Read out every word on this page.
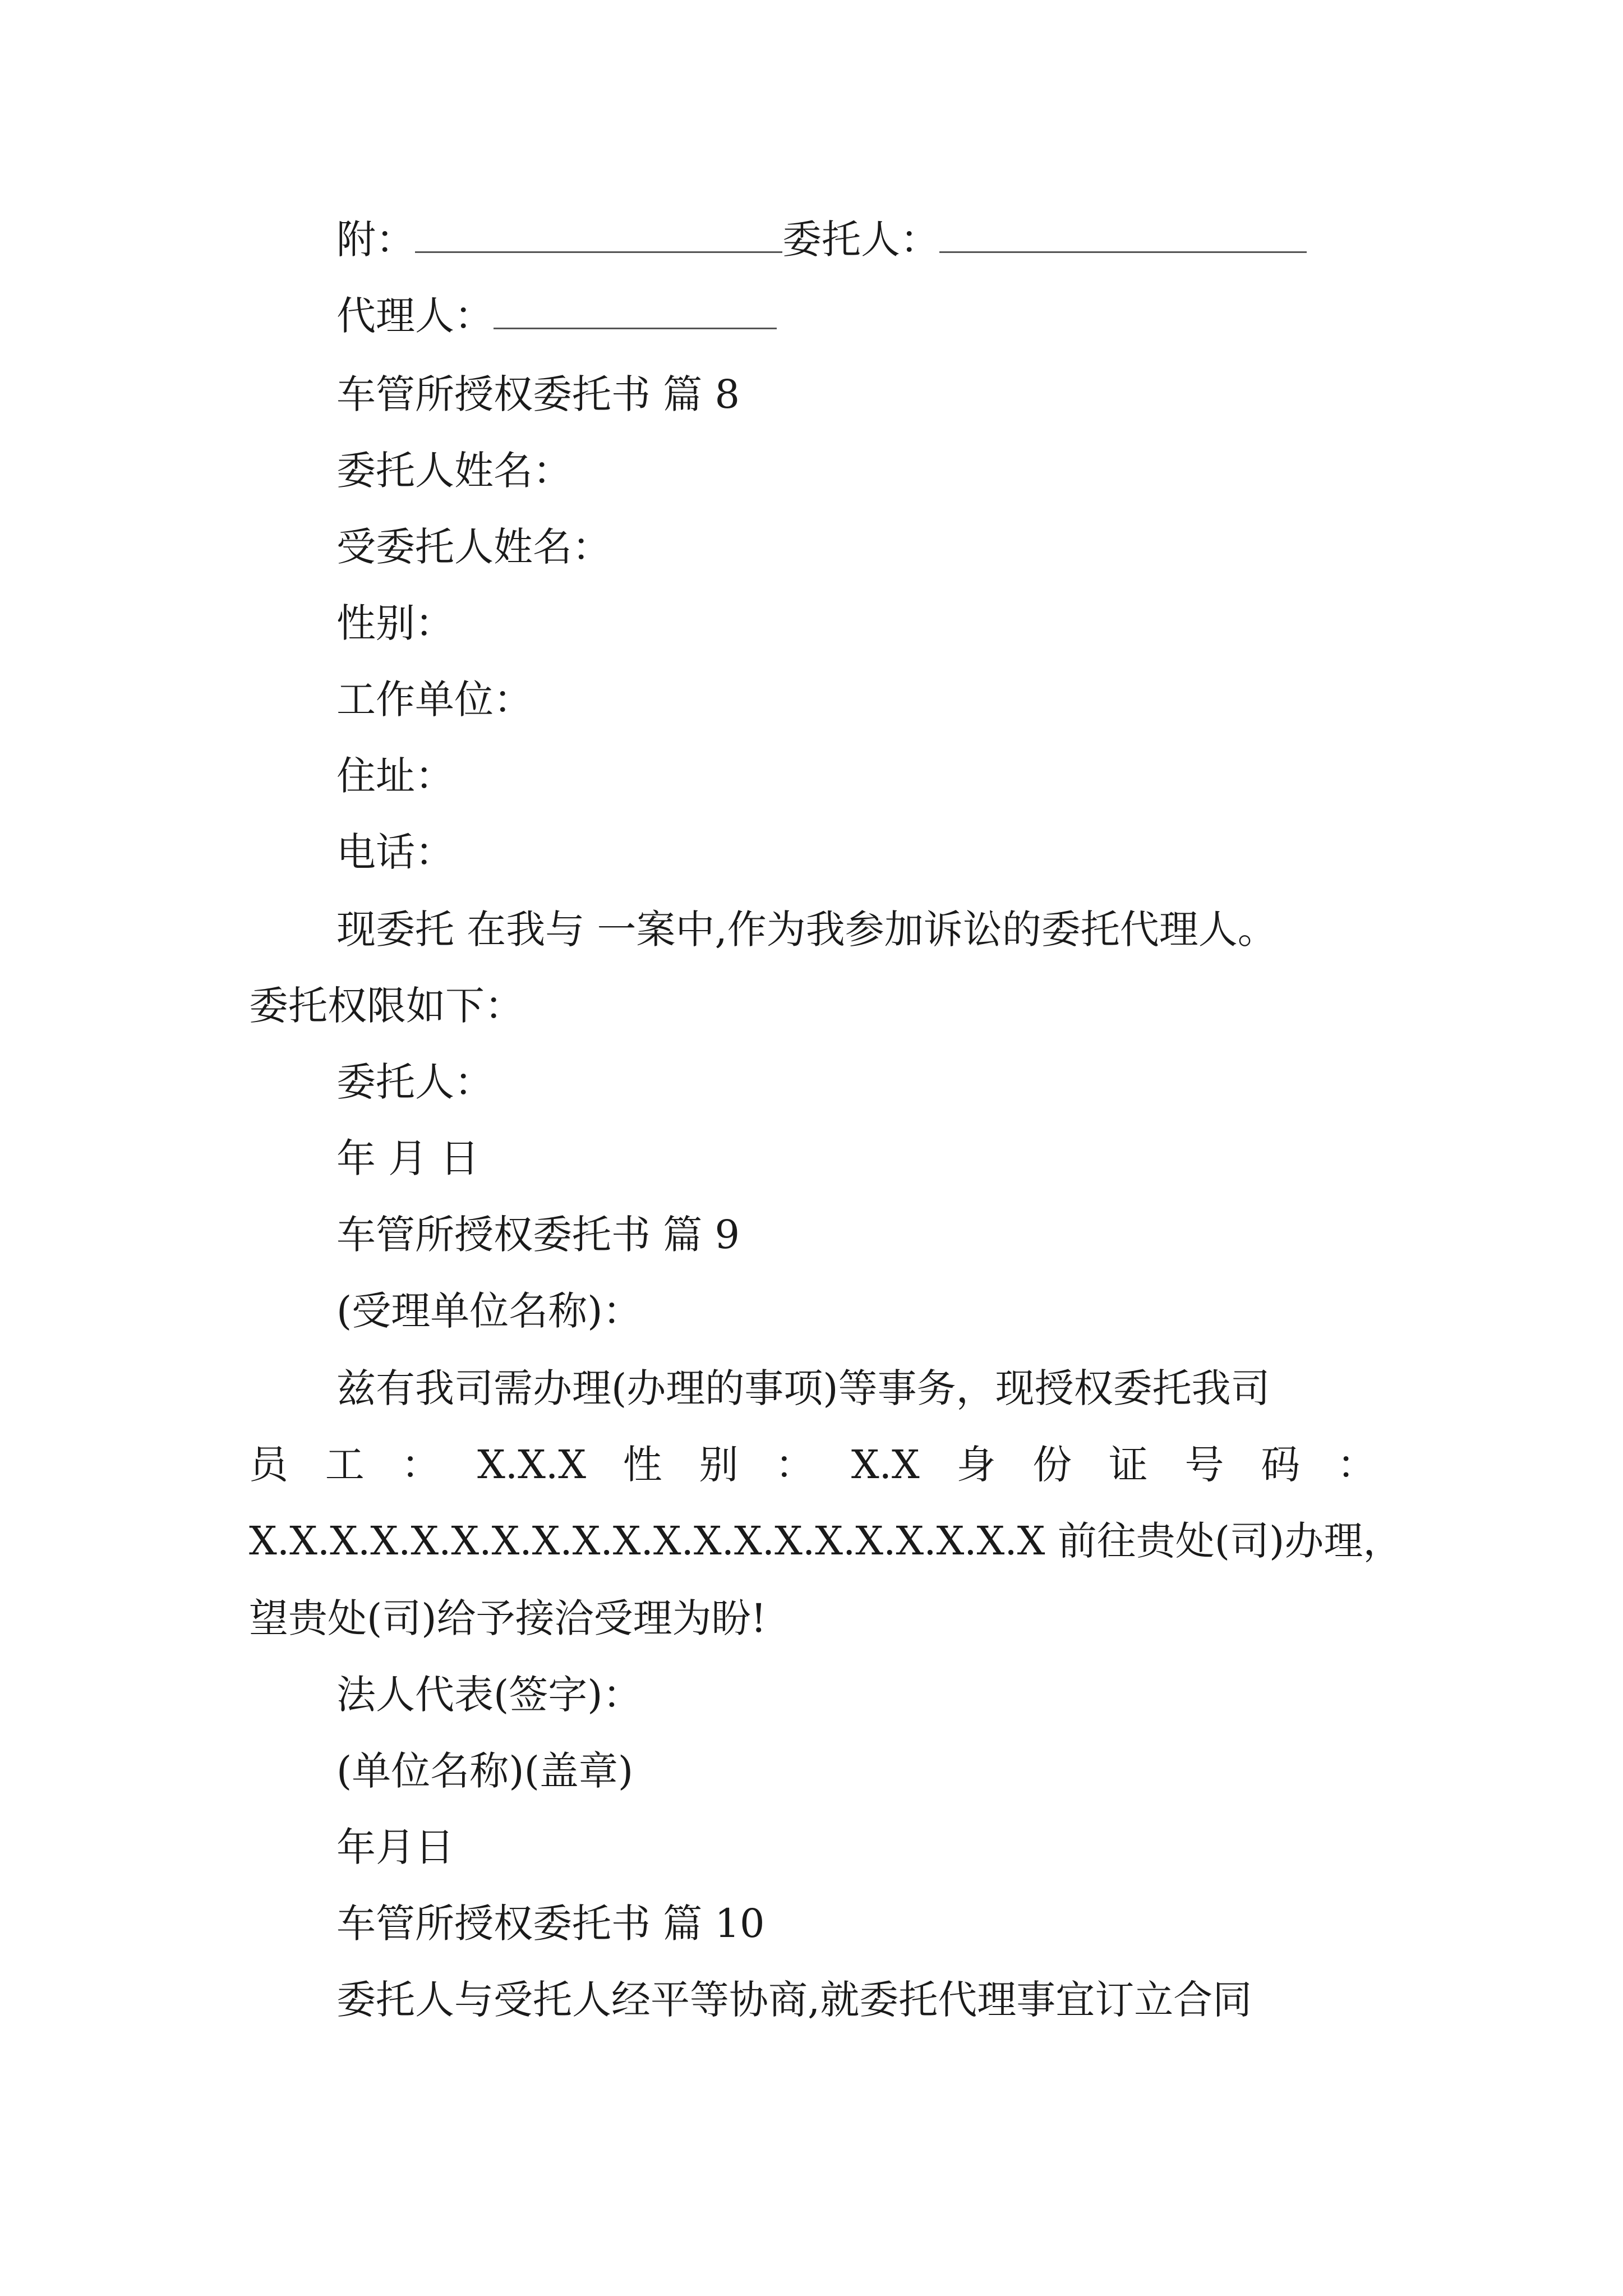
附：	委托人：
代理人：
车管所授权委托书 篇 8
委托人姓名：
受委托人姓名：
性别：
工作单位：
住址：
电话：
现委托 在我与 一案中,作为我参加诉讼的委托代理人。
委托权限如下：
委托人：
年 月 日
车管所授权委托书 篇 9
(受理单位名称)：
兹有我司需办理(办理的事项)等事务，现授权委托我司
员 工 ： X.X.X 性 别 ： X.X 身 份 证 号 码 ：
X.X.X.X.X.X.X.X.X.X.X.X.X.X.X.X.X.X.X.X 前往贵处(司)办理，
望贵处(司)给予接洽受理为盼!
法人代表(签字)：
(单位名称)(盖章)
年月日
车管所授权委托书 篇 10
委托人与受托人经平等协商,就委托代理事宜订立合同
